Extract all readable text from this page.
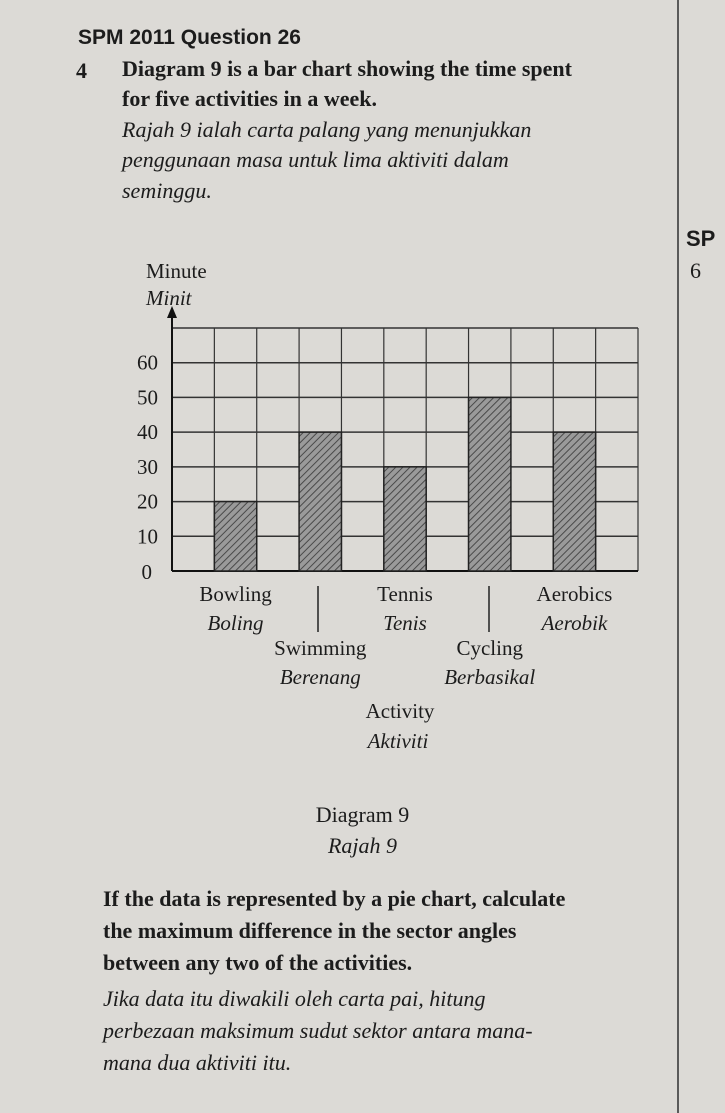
SP
6
SPM 2011 Question 26
4 Diagram 9 is a bar chart showing the time spent
for five activities in a week.
Rajah 9 ialah carta palang yang menunjukkan
penggunaan masa untuk lima aktiviti dalam
seminggu.
0
10
20
30
40
50
60
Minute
Minit
Bowling
Boling
Swimming
Berenang
Tennis
Tenis
Cycling
Berbasikal
Aerobics
Aerobik
Activity
Aktiviti
Diagram 9
Rajah 9
If the data is represented by a pie chart, calculate
the maximum difference in the sector angles
between any two of the activities.
Jika data itu diwakili oleh carta pai, hitung
perbezaan maksimum sudut sektor antara mana-
mana dua aktiviti itu.
